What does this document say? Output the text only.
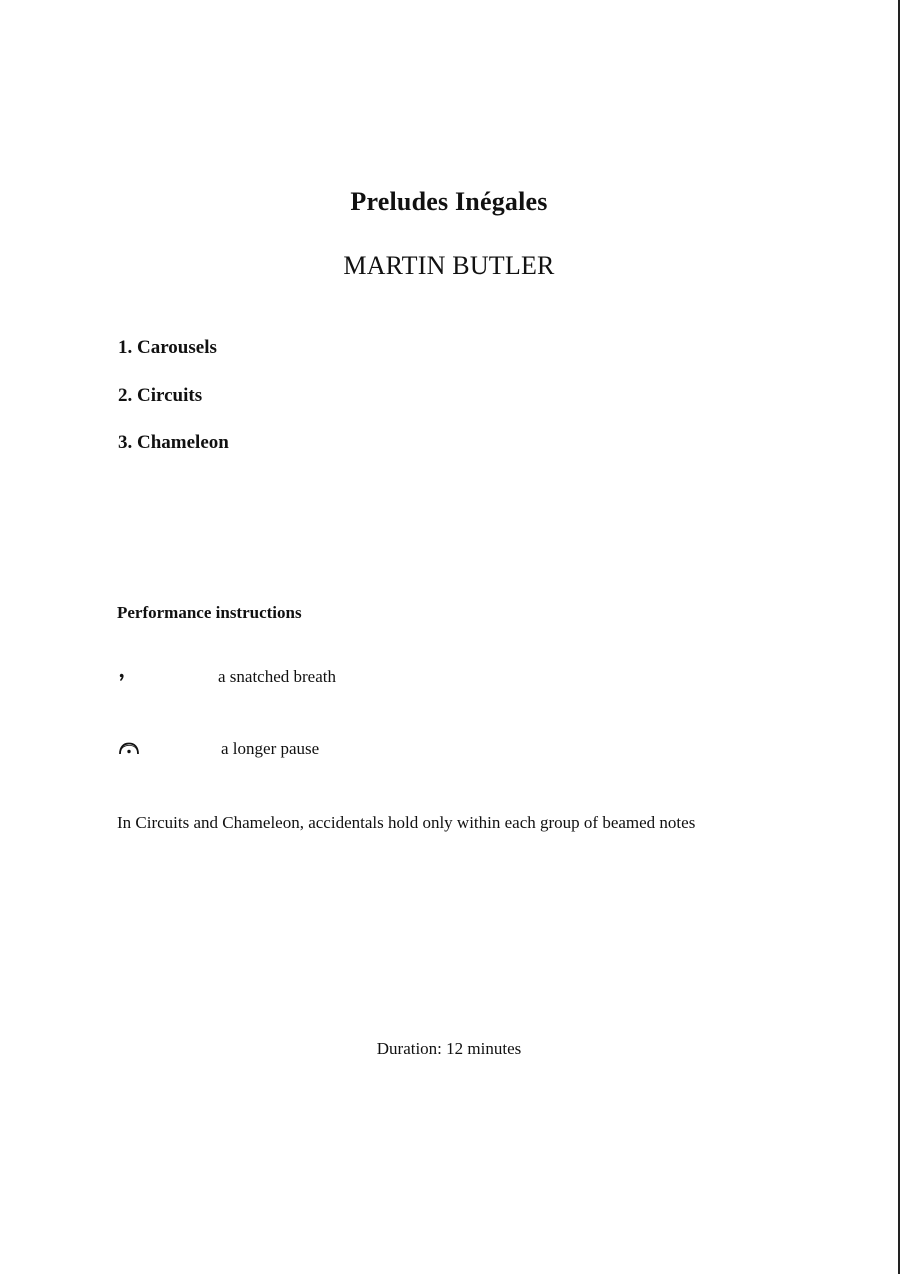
Preludes Inégales
MARTIN BUTLER
1. Carousels
2. Circuits
3. Chameleon
Performance instructions
a snatched breath
a longer pause
In Circuits and Chameleon, accidentals hold only within each group of beamed notes
Duration: 12 minutes
